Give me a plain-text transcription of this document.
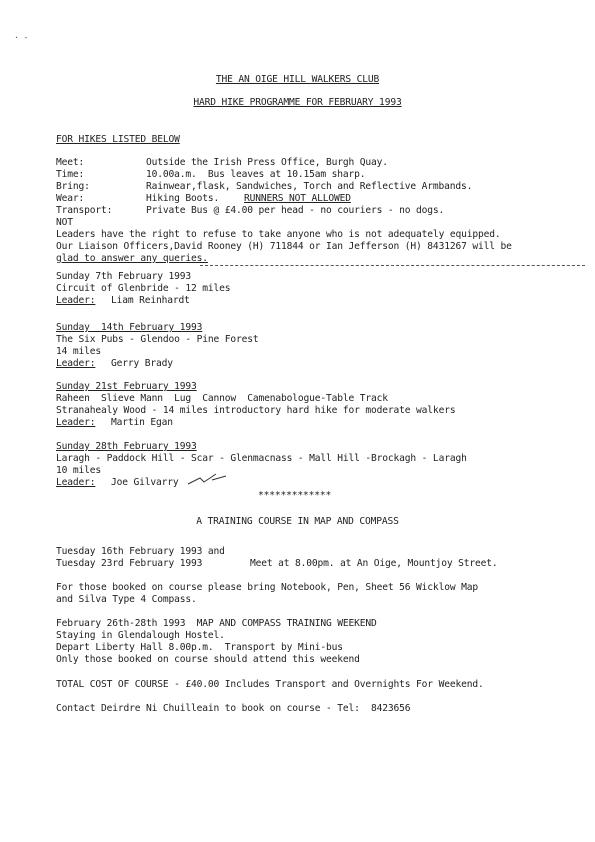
· -
THE AN OIGE HILL WALKERS CLUB
HARD HIKE PROGRAMME FOR FEBRUARY 1993
FOR HIKES LISTED BELOW
Meet:	Outside the Irish Press Office, Burgh Quay.
Time:	10.00a.m.  Bus leaves at 10.15am sharp.
Bring:	Rainwear,flask, Sandwiches, Torch and Reflective Armbands.
Wear:	Hiking Boots.	RUNNERS NOT ALLOWED
Transport:	Private Bus @ £4.00 per head - no couriers - no dogs.
NOT
Leaders have the right to refuse to take anyone who is not adequately equipped.
Our Liaison Officers,David Rooney (H) 711844 or Ian Jefferson (H) 8431267 will be
glad to answer any queries.
Sunday 7th February 1993
Circuit of Glenbride - 12 miles
Leader: Liam Reinhardt
Sunday  14th February 1993
The Six Pubs - Glendoo - Pine Forest
14 miles
Leader: Gerry Brady
Sunday 21st February 1993
Raheen  Slieve Mann  Lug  Cannow  Camenabologue-Table Track
Stranahealy Wood - 14 miles introductory hard hike for moderate walkers
Leader: Martin Egan
Sunday 28th February 1993
Laragh - Paddock Hill - Scar - Glenmacnass - Mall Hill -Brockagh - Laragh
10 miles
Leader: Joe Gilvarry
*************
A TRAINING COURSE IN MAP AND COMPASS
Tuesday 16th February 1993 and
Tuesday 23rd February 1993	Meet at 8.00pm. at An Oige, Mountjoy Street.
For those booked on course please bring Notebook, Pen, Sheet 56 Wicklow Map
and Silva Type 4 Compass.
February 26th-28th 1993  MAP AND COMPASS TRAINING WEEKEND
Staying in Glendalough Hostel.
Depart Liberty Hall 8.00p.m.  Transport by Mini-bus
Only those booked on course should attend this weekend
TOTAL COST OF COURSE - £40.00 Includes Transport and Overnights For Weekend.
Contact Deirdre Ni Chuilleain to book on course - Tel:  8423656
